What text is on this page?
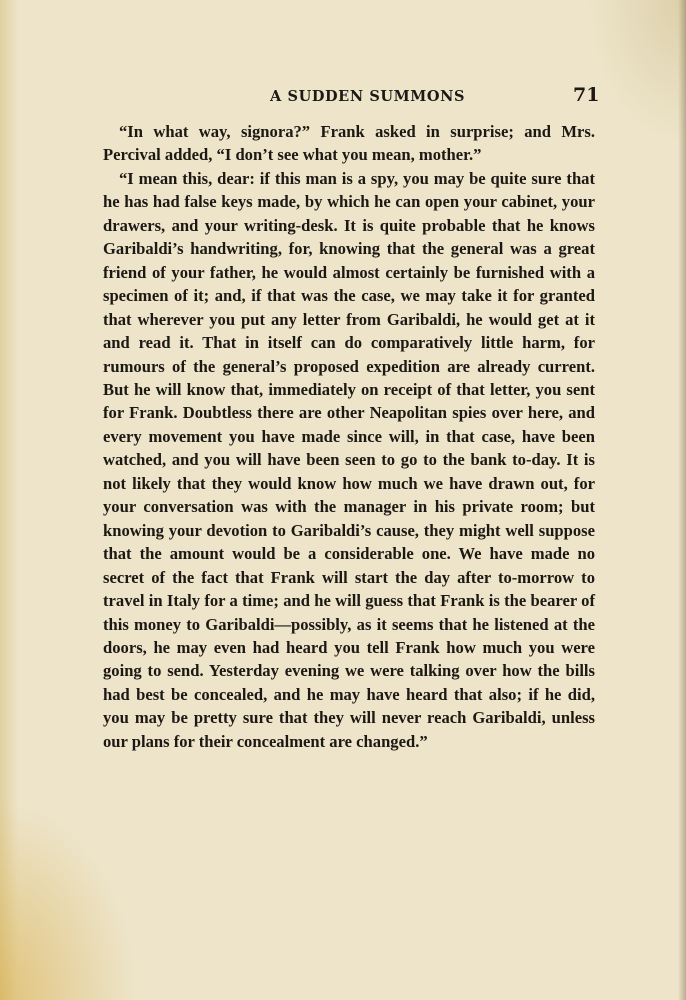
A SUDDEN SUMMONS	71

“In what way, signora?” Frank asked in surprise; and Mrs. Percival added, “I don’t see what you mean, mother.”

“I mean this, dear: if this man is a spy, you may be quite sure that he has had false keys made, by which he can open your cabinet, your drawers, and your writing-desk. It is quite probable that he knows Garibaldi’s handwriting, for, knowing that the general was a great friend of your father, he would almost certainly be furnished with a specimen of it; and, if that was the case, we may take it for granted that wherever you put any letter from Garibaldi, he would get at it and read it. That in itself can do comparatively little harm, for rumours of the general’s proposed expedition are already current. But he will know that, immediately on receipt of that letter, you sent for Frank. Doubtless there are other Neapolitan spies over here, and every movement you have made since will, in that case, have been watched, and you will have been seen to go to the bank to-day. It is not likely that they would know how much we have drawn out, for your conversation was with the manager in his private room; but knowing your devotion to Garibaldi’s cause, they might well suppose that the amount would be a considerable one. We have made no secret of the fact that Frank will start the day after to-morrow to travel in Italy for a time; and he will guess that Frank is the bearer of this money to Garibaldi—possibly, as it seems that he listened at the doors, he may even had heard you tell Frank how much you were going to send. Yesterday evening we were talking over how the bills had best be concealed, and he may have heard that also; if he did, you may be pretty sure that they will never reach Garibaldi, unless our plans for their concealment are changed.”
